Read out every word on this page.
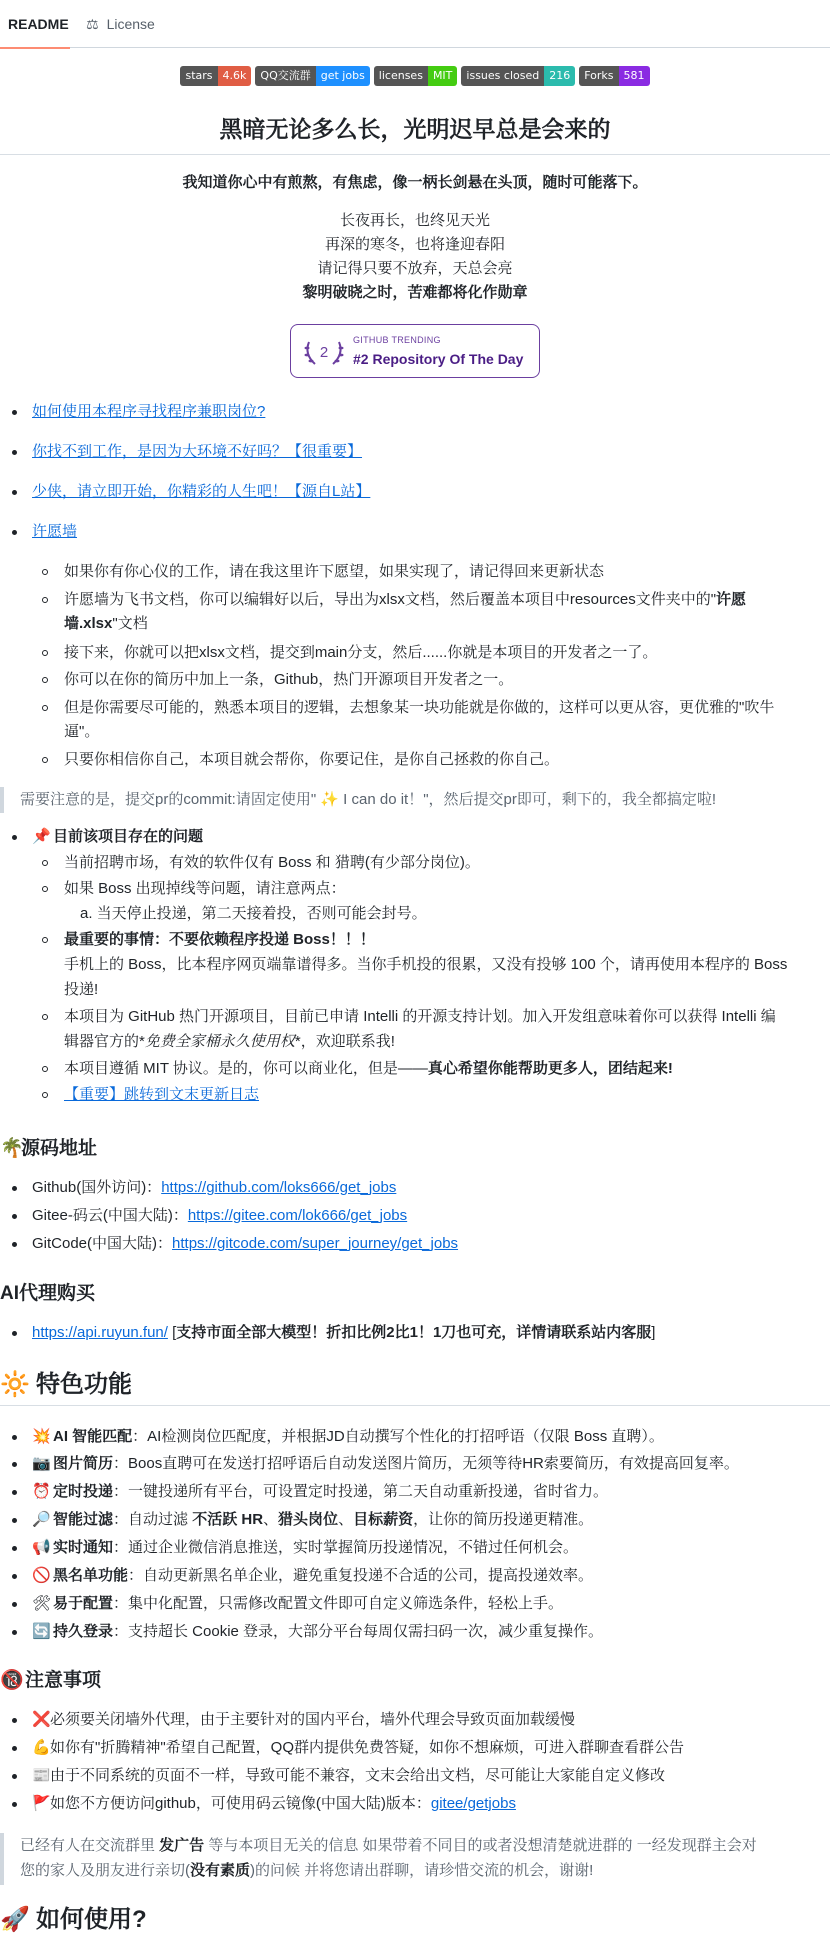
README ⚖ License
stars 4.6k	QQ交流群 get jobs	licenses MIT	issues closed 216	Forks 581
黑暗无论多么长，光明迟早总是会来的
我知道你心中有煎熬，有焦虑，像一柄长剑悬在头顶，随时可能落下。
长夜再长，也终见天光
再深的寒冬，也将逢迎春阳
请记得只要不放弃，天总会亮
黎明破晓之时，苦难都将化作勋章
2
GITHUB TRENDING
#2 Repository Of The Day
如何使用本程序寻找程序兼职岗位?
你找不到工作，是因为大环境不好吗？【很重要】
少侠，请立即开始，你精彩的人生吧！【源自L站】
许愿墙
如果你有你心仪的工作，请在我这里许下愿望，如果实现了，请记得回来更新状态
许愿墙为飞书文档，你可以编辑好以后，导出为xlsx文档，然后覆盖本项目中resources文件夹中的"许愿
墙.xlsx"文档
接下来，你就可以把xlsx文档，提交到main分支，然后......你就是本项目的开发者之一了。
你可以在你的简历中加上一条，Github，热门开源项目开发者之一。
但是你需要尽可能的，熟悉本项目的逻辑，去想象某一块功能就是你做的，这样可以更从容，更优雅的"吹牛
逼"。
只要你相信你自己，本项目就会帮你，你要记住，是你自己拯救的你自己。
需要注意的是，提交pr的commit:请固定使用" ✨ I can do it！"，然后提交pr即可，剩下的，我全都搞定啦!
📌 目前该项目存在的问题
当前招聘市场，有效的软件仅有 Boss 和 猎聘(有少部分岗位)。
如果 Boss 出现掉线等问题，请注意两点：
a. 当天停止投递，第二天接着投，否则可能会封号。
最重要的事情：不要依赖程序投递 Boss！！！
手机上的 Boss，比本程序网页端靠谱得多。当你手机投的很累，又没有投够 100 个，请再使用本程序的 Boss
投递!
本项目为 GitHub 热门开源项目，目前已申请 Intelli 的开源支持计划。加入开发组意味着你可以获得 Intelli 编
辑器官方的*免费全家桶永久使用权*，欢迎联系我!
本项目遵循 MIT 协议。是的，你可以商业化，但是——真心希望你能帮助更多人，团结起来!
【重要】跳转到文末更新日志
🌴源码地址
Github(国外访问)：https://github.com/loks666/get_jobs
Gitee-码云(中国大陆)：https://gitee.com/lok666/get_jobs
GitCode(中国大陆)：https://gitcode.com/super_journey/get_jobs
AI代理购买
https://api.ruyun.fun/ [支持市面全部大模型！折扣比例2比1！1刀也可充，详情请联系站内客服]
🔆 特色功能
💥 AI 智能匹配：AI检测岗位匹配度，并根据JD自动撰写个性化的打招呼语（仅限 Boss 直聘）。
📷 图片简历：Boos直聘可在发送打招呼语后自动发送图片简历，无须等待HR索要简历，有效提高回复率。
⏰ 定时投递：一键投递所有平台，可设置定时投递，第二天自动重新投递，省时省力。
🔎 智能过滤：自动过滤 不活跃 HR、猎头岗位、目标薪资，让你的简历投递更精准。
📢 实时通知：通过企业微信消息推送，实时掌握简历投递情况，不错过任何机会。
🚫 黑名单功能：自动更新黑名单企业，避免重复投递不合适的公司，提高投递效率。
🛠 易于配置：集中化配置，只需修改配置文件即可自定义筛选条件，轻松上手。
🔄 持久登录：支持超长 Cookie 登录，大部分平台每周仅需扫码一次，减少重复操作。
🔞注意事项
❌必须要关闭墙外代理，由于主要针对的国内平台，墙外代理会导致页面加载缓慢
💪如你有"折腾精神"希望自己配置，QQ群内提供免费答疑，如你不想麻烦，可进入群聊查看群公告
📰由于不同系统的页面不一样，导致可能不兼容，文末会给出文档，尽可能让大家能自定义修改
🚩如您不方便访问github，可使用码云镜像(中国大陆)版本：gitee/getjobs
已经有人在交流群里 发广告 等与本项目无关的信息 如果带着不同目的或者没想清楚就进群的 一经发现群主会对
您的家人及朋友进行亲切(没有素质)的问候 并将您请出群聊，请珍惜交流的机会，谢谢!
🚀 如何使用?
